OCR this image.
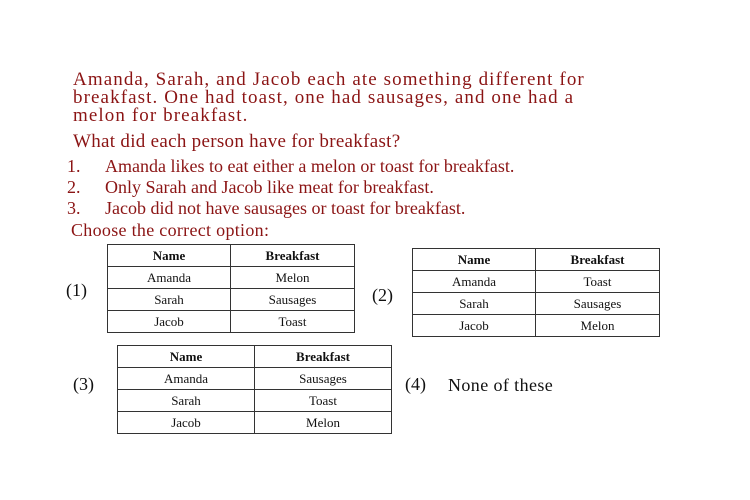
Amanda, Sarah, and Jacob each ate something different for breakfast. One had toast, one had sausages, and one had a melon for breakfast.

What did each person have for breakfast?

1. Amanda likes to eat either a melon or toast for breakfast.
2. Only Sarah and Jacob like meat for breakfast.
3. Jacob did not have sausages or toast for breakfast.

Choose the correct option:

(1)
Name	Breakfast
Amanda	Melon
Sarah	Sausages
Jacob	Toast
(2)
Name	Breakfast
Amanda	Toast
Sarah	Sausages
Jacob	Melon
(3)
Name	Breakfast
Amanda	Sausages
Sarah	Toast
Jacob	Melon
(4) None of these
